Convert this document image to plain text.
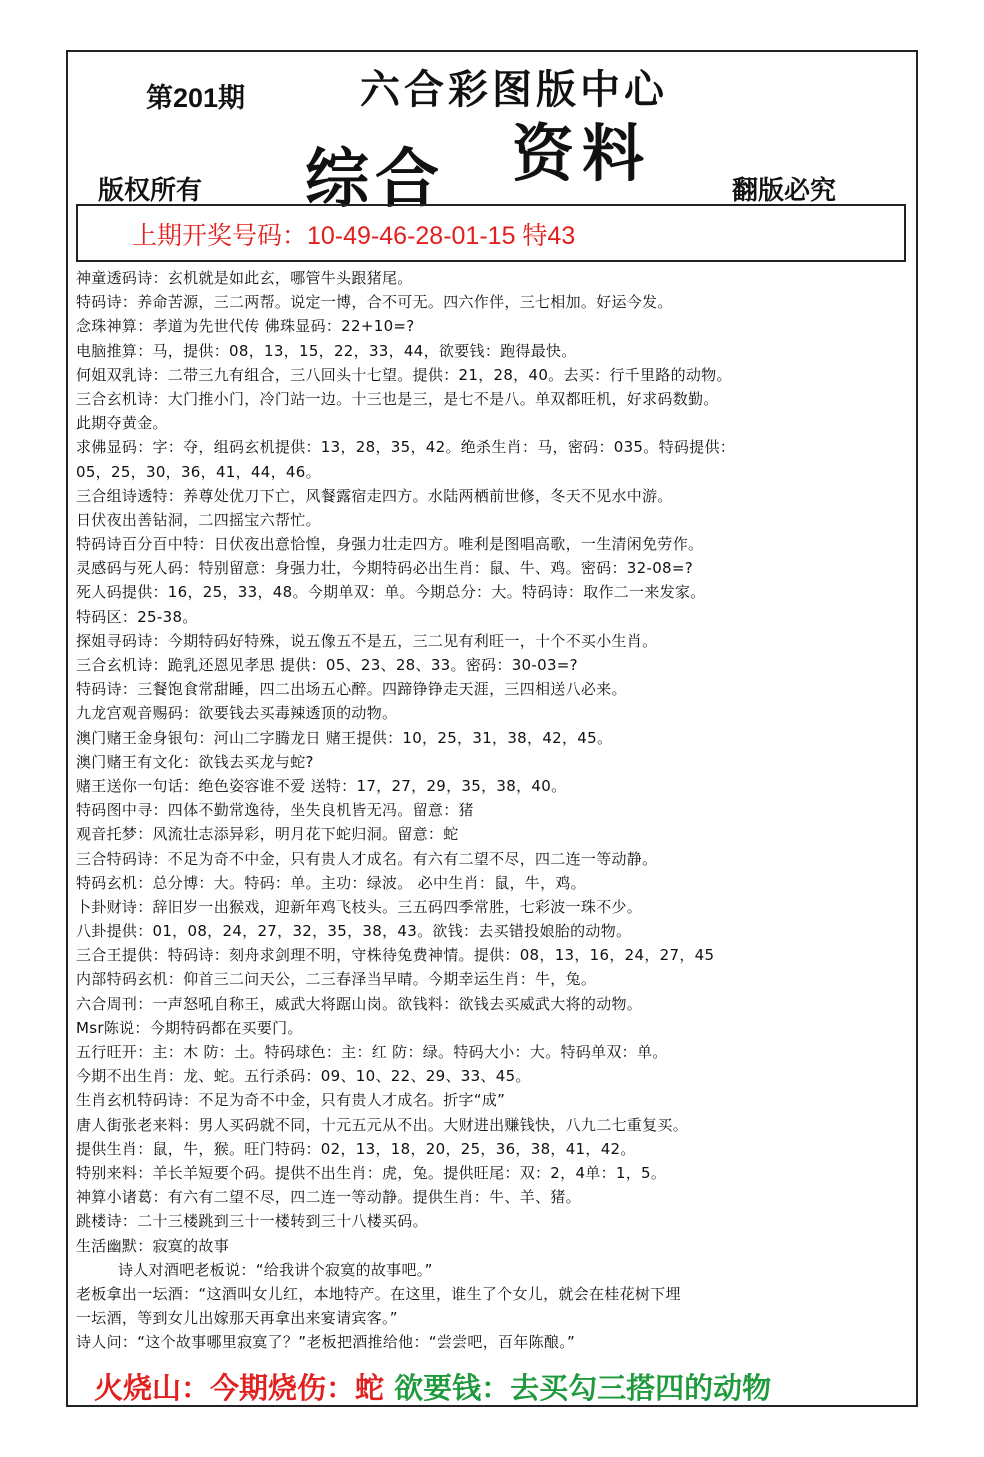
第201期	六合彩图版中心
综合 资料
版权所有	翻版必究
上期开奖号码：10-49-46-28-01-15 特43
神童透码诗：玄机就是如此玄，哪管牛头跟猪尾。
特码诗：养命苦源，三二两帮。说定一博，合不可无。四六作伴，三七相加。好运今发。
念珠神算：孝道为先世代传 佛珠显码：22+10=?
电脑推算：马，提供：08，13，15，22，33，44，欲要钱：跑得最快。
何姐双乳诗：二带三九有组合，三八回头十七望。提供：21，28，40。去买：行千里路的动物。
三合玄机诗：大门推小门，冷门站一边。十三也是三，是七不是八。单双都旺机，好求码数勤。
此期夺黄金。
求佛显码：字：夺，组码玄机提供：13，28，35，42。绝杀生肖：马，密码：035。特码提供：
05，25，30，36，41，44，46。
三合组诗透特：养尊处优刀下亡，风餐露宿走四方。水陆两栖前世修，冬天不见水中游。
日伏夜出善钻洞，二四摇宝六帮忙。
特码诗百分百中特：日伏夜出意恰惶，身强力壮走四方。唯利是图唱高歌，一生清闲免劳作。
灵感码与死人码：特别留意：身强力壮，今期特码必出生肖：鼠、牛、鸡。密码：32-08=?
死人码提供：16，25，33，48。今期单双：单。今期总分：大。特码诗：取作二一来发家。
特码区：25-38。
探姐寻码诗：今期特码好特殊，说五像五不是五，三二见有利旺一，十个不买小生肖。
三合玄机诗：跪乳还恩见孝思 提供：05、23、28、33。密码：30-03=?
特码诗：三餐饱食常甜睡，四二出场五心醉。四蹄铮铮走天涯，三四相送八必来。
九龙宫观音赐码：欲要钱去买毒辣透顶的动物。
澳门赌王金身银句：河山二字腾龙日 赌王提供：10，25，31，38，42，45。
澳门赌王有文化：欲钱去买龙与蛇?
赌王送你一句话：绝色姿容谁不爱 送特：17，27，29，35，38，40。
特码图中寻：四体不勤常逸待，坐失良机皆无冯。留意：猪
观音托梦：风流壮志添异彩，明月花下蛇归洞。留意：蛇
三合特码诗：不足为奇不中金，只有贵人才成名。有六有二望不尽，四二连一等动静。
特码玄机：总分博：大。特码：单。主功：绿波。 必中生肖：鼠，牛，鸡。
卜卦财诗：辞旧岁一出猴戏，迎新年鸡飞枝头。三五码四季常胜，七彩波一珠不少。
八卦提供：01，08，24，27，32，35，38，43。欲钱：去买错投娘胎的动物。
三合王提供：特码诗：刻舟求剑理不明，守株待兔费神情。提供：08，13，16，24，27，45
内部特码玄机：仰首三二问天公，二三春泽当早晴。今期幸运生肖：牛，兔。
六合周刊：一声怒吼自称王，威武大将踞山岗。欲钱料：欲钱去买威武大将的动物。
Msr陈说：今期特码都在买要门。
五行旺开：主：木 防：土。特码球色：主：红 防：绿。特码大小：大。特码单双：单。
今期不出生肖：龙、蛇。五行杀码：09、10、22、29、33、45。
生肖玄机特码诗：不足为奇不中金，只有贵人才成名。折字“成”
唐人街张老来料：男人买码就不同，十元五元从不出。大财进出赚钱快，八九二七重复买。
提供生肖：鼠，牛，猴。旺门特码：02，13，18，20，25，36，38，41，42。
特别来料：羊长羊短要个码。提供不出生肖：虎，兔。提供旺尾：双：2，4单：1，5。
神算小诸葛：有六有二望不尽，四二连一等动静。提供生肖：牛、羊、猪。
跳楼诗：二十三楼跳到三十一楼转到三十八楼买码。
生活幽默：寂寞的故事
诗人对酒吧老板说：“给我讲个寂寞的故事吧。”
老板拿出一坛酒：“这酒叫女儿红，本地特产。在这里，谁生了个女儿，就会在桂花树下埋
一坛酒，等到女儿出嫁那天再拿出来宴请宾客。”
诗人问：“这个故事哪里寂寞了？”老板把酒推给他：“尝尝吧，百年陈酿。”
火烧山：今期烧伤：蛇 欲要钱：去买勾三搭四的动物
